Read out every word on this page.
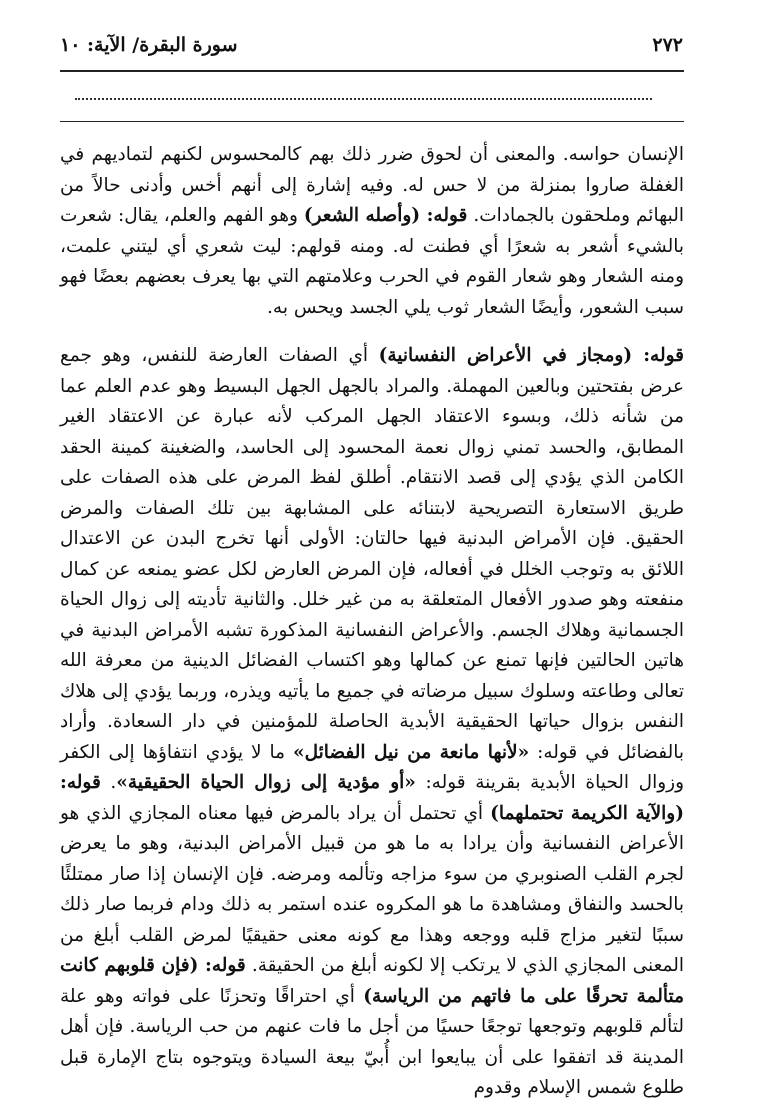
٢٧٢
سورة البقرة/ الآية: ١٠

الإنسان حواسه. والمعنى أن لحوق ضرر ذلك بهم كالمحسوس لكنهم لتماديهم في الغفلة صاروا بمنزلة من لا حس له. وفيه إشارة إلى أنهم أخس وأدنى حالاً من البهائم وملحقون بالجمادات. قوله: (وأصله الشعر) وهو الفهم والعلم، يقال: شعرت بالشيء أشعر به شعرًا أي فطنت له. ومنه قولهم: ليت شعري أي ليتني علمت، ومنه الشعار وهو شعار القوم في الحرب وعلامتهم التي بها يعرف بعضهم بعضًا فهو سبب الشعور، وأيضًا الشعار ثوب يلي الجسد ويحس به.

قوله: (ومجاز في الأعراض النفسانية) أي الصفات العارضة للنفس، وهو جمع عرض بفتحتين وبالعين المهملة. والمراد بالجهل الجهل البسيط وهو عدم العلم عما من شأنه ذلك، وبسوء الاعتقاد الجهل المركب لأنه عبارة عن الاعتقاد الغير المطابق، والحسد تمني زوال نعمة المحسود إلى الحاسد، والضغينة كمينة الحقد الكامن الذي يؤدي إلى قصد الانتقام. أطلق لفظ المرض على هذه الصفات على طريق الاستعارة التصريحية لابتنائه على المشابهة بين تلك الصفات والمرض الحقيق. فإن الأمراض البدنية فيها حالتان: الأولى أنها تخرج البدن عن الاعتدال اللائق به وتوجب الخلل في أفعاله، فإن المرض العارض لكل عضو يمنعه عن كمال منفعته وهو صدور الأفعال المتعلقة به من غير خلل. والثانية تأديته إلى زوال الحياة الجسمانية وهلاك الجسم. والأعراض النفسانية المذكورة تشبه الأمراض البدنية في هاتين الحالتين فإنها تمنع عن كمالها وهو اكتساب الفضائل الدينية من معرفة الله تعالى وطاعته وسلوك سبيل مرضاته في جميع ما يأتيه ويذره، وربما يؤدي إلى هلاك النفس بزوال حياتها الحقيقية الأبدية الحاصلة للمؤمنين في دار السعادة. وأراد بالفضائل في قوله: «لأنها مانعة من نيل الفضائل» ما لا يؤدي انتفاؤها إلى الكفر وزوال الحياة الأبدية بقرينة قوله: «أو مؤدية إلى زوال الحياة الحقيقية». قوله: (والآية الكريمة تحتملهما) أي تحتمل أن يراد بالمرض فيها معناه المجازي الذي هو الأعراض النفسانية وأن يرادا به ما هو من قبيل الأمراض البدنية، وهو ما يعرض لجرم القلب الصنوبري من سوء مزاجه وتألمه ومرضه. فإن الإنسان إذا صار ممتلئًا بالحسد والنفاق ومشاهدة ما هو المكروه عنده استمر به ذلك ودام فربما صار ذلك سببًا لتغير مزاج قلبه ووجعه وهذا مع كونه معنى حقيقيًا لمرض القلب أبلغ من المعنى المجازي الذي لا يرتكب إلا لكونه أبلغ من الحقيقة. قوله: (فإن قلوبهم كانت متألمة تحرقًا على ما فاتهم من الرياسة) أي احتراقًا وتحزنًا على فواته وهو علة لتألم قلوبهم وتوجعها توجعًا حسيًا من أجل ما فات عنهم من حب الرياسة. فإن أهل المدينة قد اتفقوا على أن يبايعوا ابن أُبيّ بيعة السيادة ويتوجوه بتاج الإمارة قبل طلوع شمس الإسلام وقدوم
